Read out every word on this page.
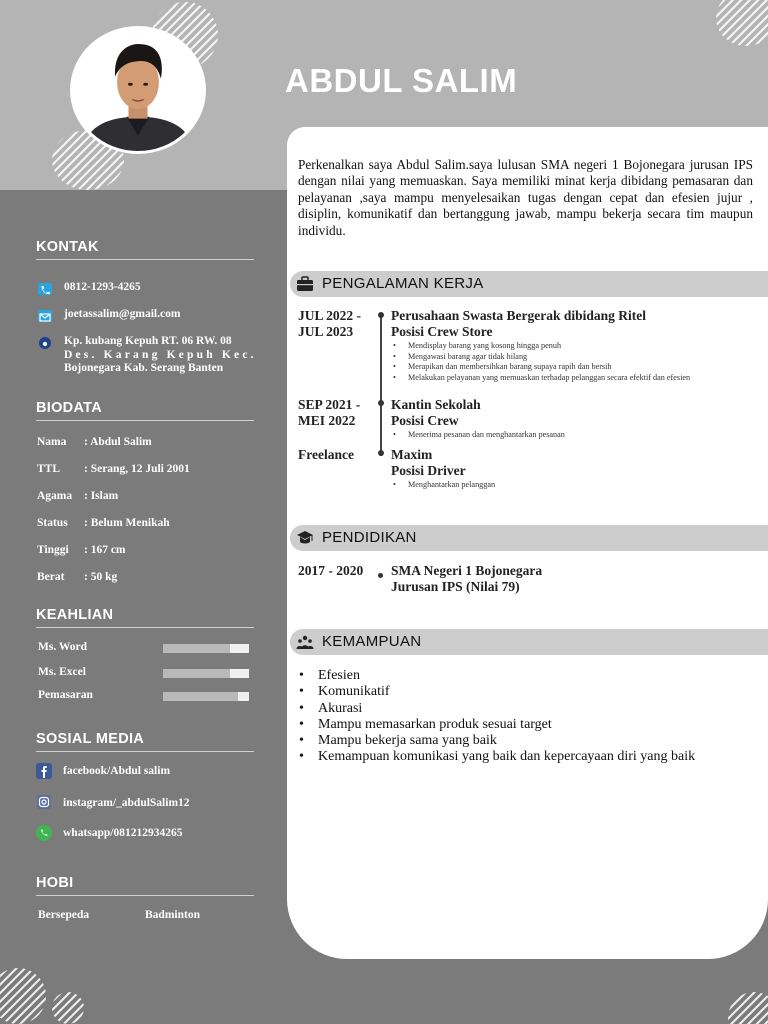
ABDUL SALIM

Perkenalkan saya Abdul Salim.saya lulusan SMA negeri 1 Bojonegara jurusan IPS dengan nilai yang memuaskan. Saya memiliki minat kerja dibidang pemasaran dan pelayanan ,saya mampu menyelesaikan tugas dengan cepat dan efesien jujur , disiplin, komunikatif dan bertanggung jawab, mampu bekerja secara tim maupun individu.

PENGALAMAN KERJA
JUL 2022 -
JUL 2023
Perusahaan Swasta Bergerak dibidang Ritel
Posisi Crew Store
• Mendisplay barang yang kosong hingga penuh
• Mengawasi barang agar tidak hilang
• Merapikan dan membersihkan barang supaya rapih dan bersih
• Melakukan pelayanan yang memuaskan terhadap pelanggan secara efektif dan efesien
SEP 2021 -
MEI 2022
Kantin Sekolah
Posisi Crew
• Menerima pesanan dan menghantarkan pesanan
Freelance	Maxim
Posisi Driver
• Menghantarkan pelanggan
PENDIDIKAN
2017 - 2020 SMA Negeri 1 Bojonegara
Jurusan IPS (Nilai 79)
KEMAMPUAN
• Efesien
• Komunikatif
• Akurasi
• Mampu memasarkan produk sesuai target
• Mampu bekerja sama yang baik
• Kemampuan komunikasi yang baik dan kepercayaan diri yang baik
KONTAK
0812-1293-4265
joetassalim@gmail.com
Kp. kubang Kepuh RT. 06 RW. 08
Des. Karang Kepuh Kec.
Bojonegara Kab. Serang Banten
BIODATA
Nama : Abdul Salim
TTL : Serang, 12 Juli 2001
Agama : Islam
Status : Belum Menikah
Tinggi : 167 cm
Berat : 50 kg
KEAHLIAN
Ms. Word
Ms. Excel
Pemasaran
SOSIAL MEDIA
facebook/Abdul salim
instagram/_abdulSalim12
whatsapp/081212934265
HOBI
Bersepeda	Badminton
